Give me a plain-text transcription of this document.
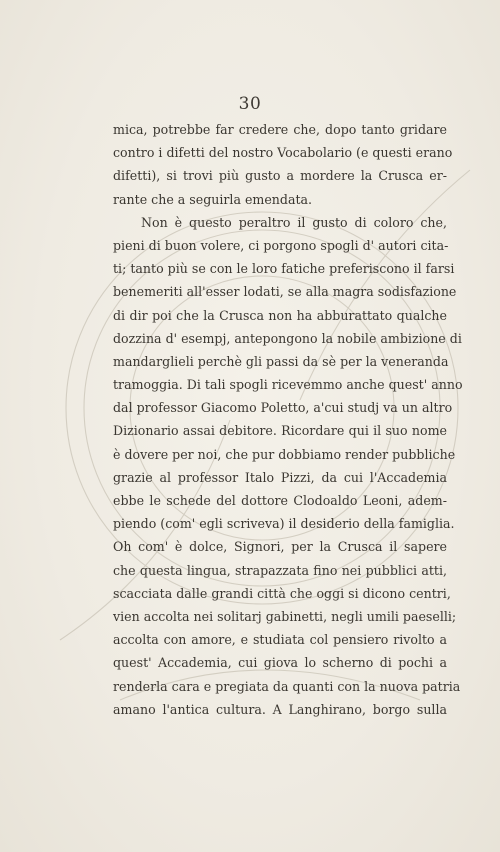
30
mica, potrebbe far credere che, dopo tanto gridare
contro i difetti del nostro Vocabolario (e questi erano
difetti), si trovi più gusto a mordere la Crusca er-
rante che a seguirla emendata.
Non è questo peraltro il gusto di coloro che,
pieni di buon volere, ci porgono spogli d' autori cita-
ti; tanto più se con le loro fatiche preferiscono il farsi
benemeriti all'esser lodati, se alla magra sodisfazione
di dir poi che la Crusca non ha abburattato qualche
dozzina d' esempj, antepongono la nobile ambizione di
mandarglieli perchè gli passi da sè per la veneranda
tramoggia. Di tali spogli ricevemmo anche quest' anno
dal professor Giacomo Poletto, a'cui studj va un altro
Dizionario assai debitore. Ricordare qui il suo nome
è dovere per noi, che pur dobbiamo render pubbliche
grazie al professor Italo Pizzi, da cui l'Accademia
ebbe le schede del dottore Clodoaldo Leoni, adem-
piendo (com' egli scriveva) il desiderio della famiglia.
Oh com' è dolce, Signori, per la Crusca il sapere
che questa lingua, strapazzata fino nei pubblici atti,
scacciata dalle grandi città che oggi si dicono centri,
vien accolta nei solitarj gabinetti, negli umili paeselli;
accolta con amore, e studiata col pensiero rivolto a
quest' Accademia, cui giova lo scherno di pochi a
renderla cara e pregiata da quanti con la nuova patria
amano l'antica cultura. A Langhirano, borgo sulla
